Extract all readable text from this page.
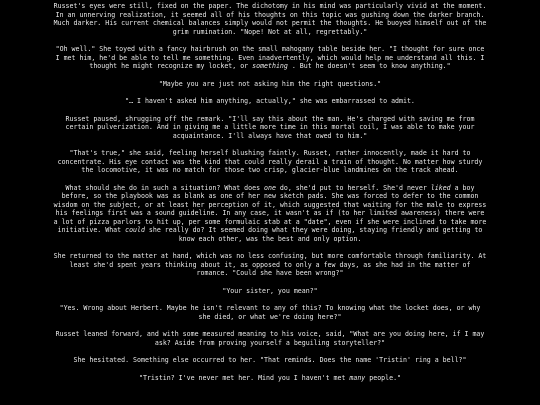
Russet's eyes were still, fixed on the paper. The dichotomy in his mind was particularly vivid at the moment. In an unnerving realization, it seemed all of his thoughts on this topic was gushing down the darker branch. Much darker. His current chemical balances simply would not permit the thoughts. He buoyed himself out of the grim rumination. "Nope! Not at all, regrettably."

"Oh well." She toyed with a fancy hairbrush on the small mahogany table beside her. "I thought for sure once I met him, he'd be able to tell me something. Even inadvertently, which would help me understand all this. I thought he might recognize my locket, or something . But he doesn't seem to know anything."

"Maybe you are just not asking him the right questions."

"… I haven't asked him anything, actually," she was embarrassed to admit.

Russet paused, shrugging off the remark. "I'll say this about the man. He's charged with saving me from certain pulverization. And in giving me a little more time in this mortal coil, I was able to make your acquaintance. I'll always have that owed to him."

"That's true," she said, feeling herself blushing faintly. Russet, rather innocently, made it hard to concentrate. His eye contact was the kind that could really derail a train of thought. No matter how sturdy the locomotive, it was no match for those two crisp, glacier-blue landmines on the track ahead.

What should she do in such a situation? What does one do, she'd put to herself. She'd never liked a boy before, so the playbook was as blank as one of her new sketch pads. She was forced to defer to the common wisdom on the subject, or at least her perception of it, which suggested that waiting for the male to express his feelings first was a sound guideline. In any case, it wasn't as if (to her limited awareness) there were a lot of pizza parlors to hit up, per some formulaic stab at a "date", even if she were inclined to take more initiative. What could she really do? It seemed doing what they were doing, staying friendly and getting to know each other, was the best and only option.

She returned to the matter at hand, which was no less confusing, but more comfortable through familiarity. At least she'd spent years thinking about it, as opposed to only a few days, as she had in the matter of romance. "Could she have been wrong?"

"Your sister, you mean?"

"Yes. Wrong about Herbert. Maybe he isn't relevant to any of this? To knowing what the locket does, or why she died, or what we're doing here?"

Russet leaned forward, and with some measured meaning to his voice, said, "What are you doing here, if I may ask? Aside from proving yourself a beguiling storyteller?"

She hesitated. Something else occurred to her. "That reminds. Does the name 'Tristin' ring a bell?"

"Tristin? I've never met her. Mind you I haven't met many people."
